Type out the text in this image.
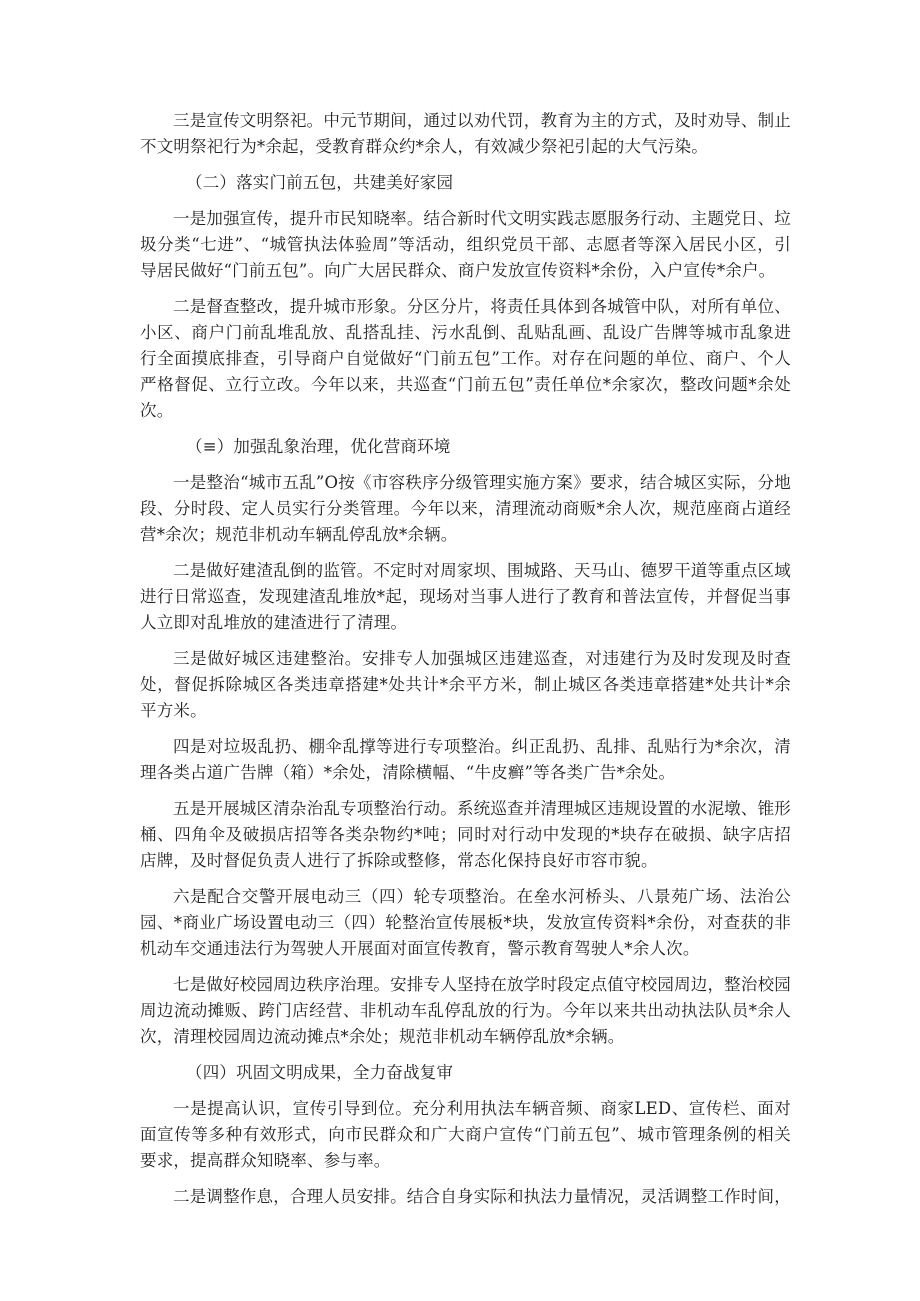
三是宣传文明祭祀。中元节期间，通过以劝代罚，教育为主的方式，及时劝导、制止不文明祭祀行为*余起，受教育群众约*余人，有效减少祭祀引起的大气污染。

（二）落实门前五包，共建美好家园

一是加强宣传，提升市民知晓率。结合新时代文明实践志愿服务行动、主题党日、垃圾分类“七进”、“城管执法体验周”等活动，组织党员干部、志愿者等深入居民小区，引导居民做好“门前五包”。向广大居民群众、商户发放宣传资料*余份，入户宣传*余户。

二是督查整改，提升城市形象。分区分片，将责任具体到各城管中队，对所有单位、小区、商户门前乱堆乱放、乱搭乱挂、污水乱倒、乱贴乱画、乱设广告牌等城市乱象进行全面摸底排查，引导商户自觉做好“门前五包”工作。对存在问题的单位、商户、个人严格督促、立行立改。今年以来，共巡查“门前五包”责任单位*余家次，整改问题*余处次。

（≡）加强乱象治理，优化营商环境

一是整治“城市五乱”O按《市容秩序分级管理实施方案》要求，结合城区实际，分地段、分时段、定人员实行分类管理。今年以来，清理流动商贩*余人次，规范座商占道经营*余次；规范非机动车辆乱停乱放*余辆。

二是做好建渣乱倒的监管。不定时对周家坝、围城路、天马山、德罗干道等重点区域进行日常巡查，发现建渣乱堆放*起，现场对当事人进行了教育和普法宣传，并督促当事人立即对乱堆放的建渣进行了清理。

三是做好城区违建整治。安排专人加强城区违建巡查，对违建行为及时发现及时查处，督促拆除城区各类违章搭建*处共计*余平方米，制止城区各类违章搭建*处共计*余平方米。

四是对垃圾乱扔、棚伞乱撑等进行专项整治。纠正乱扔、乱排、乱贴行为*余次，清理各类占道广告牌（箱）*余处，清除横幅、“牛皮癣”等各类广告*余处。

五是开展城区清杂治乱专项整治行动。系统巡查并清理城区违规设置的水泥墩、锥形桶、四角伞及破损店招等各类杂物约*吨；同时对行动中发现的*块存在破损、缺字店招店牌，及时督促负责人进行了拆除或整修，常态化保持良好市容市貌。

六是配合交警开展电动三（四）轮专项整治。在垒水河桥头、八景苑广场、法治公园、*商业广场设置电动三（四）轮整治宣传展板*块，发放宣传资料*余份，对查获的非机动车交通违法行为驾驶人开展面对面宣传教育，警示教育驾驶人*余人次。

七是做好校园周边秩序治理。安排专人坚持在放学时段定点值守校园周边，整治校园周边流动摊贩、跨门店经营、非机动车乱停乱放的行为。今年以来共出动执法队员*余人次，清理校园周边流动摊点*余处；规范非机动车辆停乱放*余辆。

（四）巩固文明成果，全力奋战复审

一是提高认识，宣传引导到位。充分利用执法车辆音频、商家LED、宣传栏、面对面宣传等多种有效形式，向市民群众和广大商户宣传“门前五包”、城市管理条例的相关要求，提高群众知晓率、参与率。

二是调整作息，合理人员安排。结合自身实际和执法力量情况，灵活调整工作时间，
